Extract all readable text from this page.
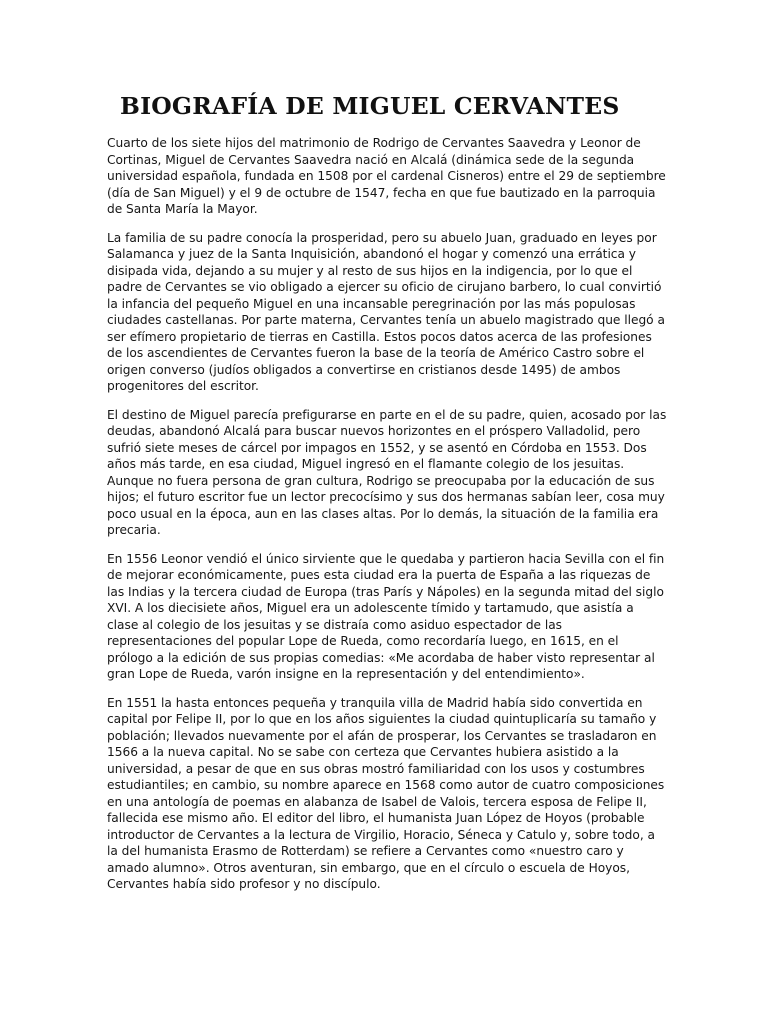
BIOGRAFÍA DE MIGUEL CERVANTES

Cuarto de los siete hijos del matrimonio de Rodrigo de Cervantes Saavedra y Leonor de Cortinas, Miguel de Cervantes Saavedra nació en Alcalá (dinámica sede de la segunda universidad española, fundada en 1508 por el cardenal Cisneros) entre el 29 de septiembre (día de San Miguel) y el 9 de octubre de 1547, fecha en que fue bautizado en la parroquia de Santa María la Mayor.

La familia de su padre conocía la prosperidad, pero su abuelo Juan, graduado en leyes por Salamanca y juez de la Santa Inquisición, abandonó el hogar y comenzó una errática y disipada vida, dejando a su mujer y al resto de sus hijos en la indigencia, por lo que el padre de Cervantes se vio obligado a ejercer su oficio de cirujano barbero, lo cual convirtió la infancia del pequeño Miguel en una incansable peregrinación por las más populosas ciudades castellanas. Por parte materna, Cervantes tenía un abuelo magistrado que llegó a ser efímero propietario de tierras en Castilla. Estos pocos datos acerca de las profesiones de los ascendientes de Cervantes fueron la base de la teoría de Américo Castro sobre el origen converso (judíos obligados a convertirse en cristianos desde 1495) de ambos progenitores del escritor.

El destino de Miguel parecía prefigurarse en parte en el de su padre, quien, acosado por las deudas, abandonó Alcalá para buscar nuevos horizontes en el próspero Valladolid, pero sufrió siete meses de cárcel por impagos en 1552, y se asentó en Córdoba en 1553. Dos años más tarde, en esa ciudad, Miguel ingresó en el flamante colegio de los jesuitas. Aunque no fuera persona de gran cultura, Rodrigo se preocupaba por la educación de sus hijos; el futuro escritor fue un lector precocísimo y sus dos hermanas sabían leer, cosa muy poco usual en la época, aun en las clases altas. Por lo demás, la situación de la familia era precaria.

En 1556 Leonor vendió el único sirviente que le quedaba y partieron hacia Sevilla con el fin de mejorar económicamente, pues esta ciudad era la puerta de España a las riquezas de las Indias y la tercera ciudad de Europa (tras París y Nápoles) en la segunda mitad del siglo XVI. A los diecisiete años, Miguel era un adolescente tímido y tartamudo, que asistía a clase al colegio de los jesuitas y se distraía como asiduo espectador de las representaciones del popular Lope de Rueda, como recordaría luego, en 1615, en el prólogo a la edición de sus propias comedias: «Me acordaba de haber visto representar al gran Lope de Rueda, varón insigne en la representación y del entendimiento».

En 1551 la hasta entonces pequeña y tranquila villa de Madrid había sido convertida en capital por Felipe II, por lo que en los años siguientes la ciudad quintuplicaría su tamaño y población; llevados nuevamente por el afán de prosperar, los Cervantes se trasladaron en 1566 a la nueva capital. No se sabe con certeza que Cervantes hubiera asistido a la universidad, a pesar de que en sus obras mostró familiaridad con los usos y costumbres estudiantiles; en cambio, su nombre aparece en 1568 como autor de cuatro composiciones en una antología de poemas en alabanza de Isabel de Valois, tercera esposa de Felipe II, fallecida ese mismo año. El editor del libro, el humanista Juan López de Hoyos (probable introductor de Cervantes a la lectura de Virgilio, Horacio, Séneca y Catulo y, sobre todo, a la del humanista Erasmo de Rotterdam) se refiere a Cervantes como «nuestro caro y amado alumno». Otros aventuran, sin embargo, que en el círculo o escuela de Hoyos, Cervantes había sido profesor y no discípulo.
